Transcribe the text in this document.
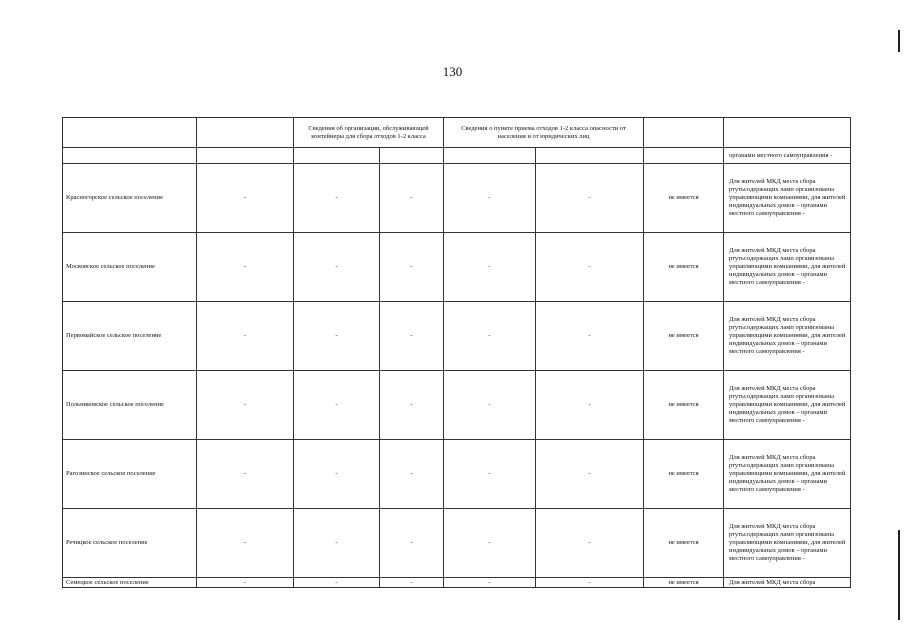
130

		Сведения об организации, обслуживающей контейнеры для сбора отходов 1-2 класса		Сведения о пункте приема отходов 1-2 класса опасности от населения и от юридических лиц			

							органами местного самоуправления -
Красногорское сельское поселение	-	-	-	-	-	не имеется	Для жителей МКД места сбора ртутьсодержащих ламп организованы управляющими компаниями, для жителей индивидуальных домов – органами местного самоуправления -
Московское сельское поселение	-	-	-	-	-	не имеется	Для жителей МКД места сбора ртутьсодержащих ламп организованы управляющими компаниями, для жителей индивидуальных домов – органами местного самоуправления -
Первомайское сельское поселение	-	-	-	-	-	не имеется	Для жителей МКД места сбора ртутьсодержащих ламп организованы управляющими компаниями, для жителей индивидуальных домов – органами местного самоуправления -
Польниковское сельское поселение	-	-	-	-	-	не имеется	Для жителей МКД места сбора ртутьсодержащих ламп организованы управляющими компаниями, для жителей индивидуальных домов – органами местного самоуправления -
Рагозинское сельское поселение	-	-	-	-	-	не имеется	Для жителей МКД места сбора ртутьсодержащих ламп организованы управляющими компаниями, для жителей индивидуальных домов – органами местного самоуправления -
Речицкое сельское поселение	-	-	-	-	-	не имеется	Для жителей МКД места сбора ртутьсодержащих ламп организованы управляющими компаниями, для жителей индивидуальных домов – органами местного самоуправления -
Семецкое сельское поселение	-	-	-	-	-	не имеется	Для жителей МКД места сбора
